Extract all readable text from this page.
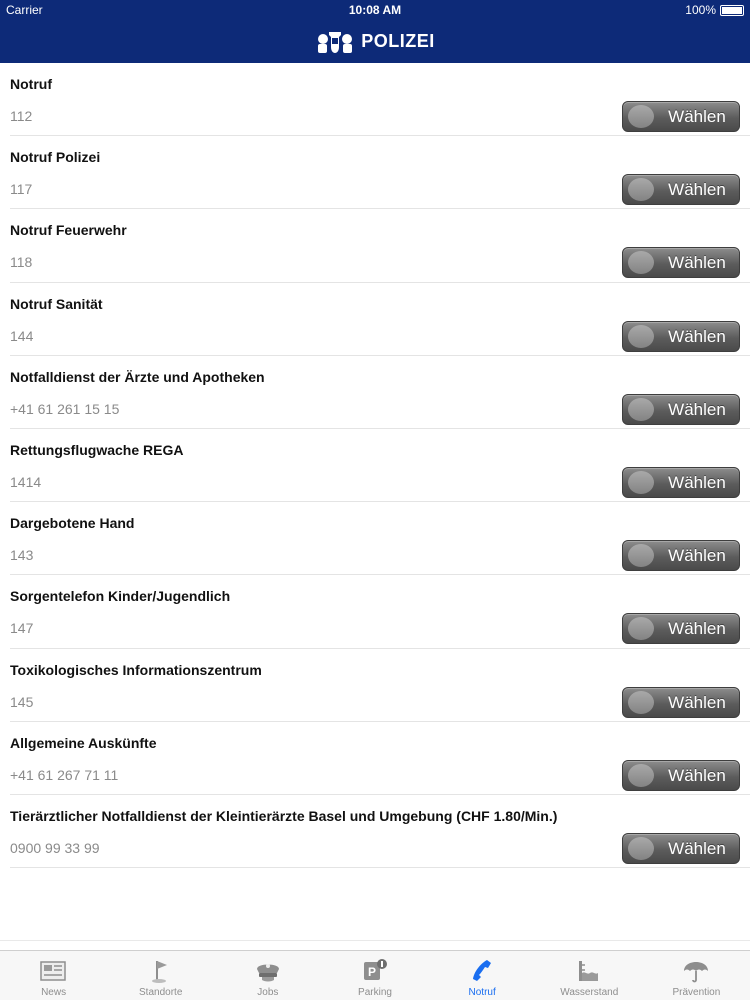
Carrier	10:08 AM	100%
POLIZEI
Notruf
112	Wählen
Notruf Polizei
117	Wählen
Notruf Feuerwehr
118	Wählen
Notruf Sanität
144	Wählen
Notfalldienst der Ärzte und Apotheken
+41 61 261 15 15	Wählen
Rettungsflugwache REGA
1414	Wählen
Dargebotene Hand
143	Wählen
Sorgentelefon Kinder/Jugendlich
147	Wählen
Toxikologisches Informationszentrum
145	Wählen
Allgemeine Auskünfte
+41 61 267 71 11	Wählen
Tierärztlicher Notfalldienst der Kleintierärzte Basel und Umgebung (CHF 1.80/Min.)
0900 99 33 99	Wählen
News	Standorte	Jobs
P
Parking	Notruf	Wasserstand	Prävention
